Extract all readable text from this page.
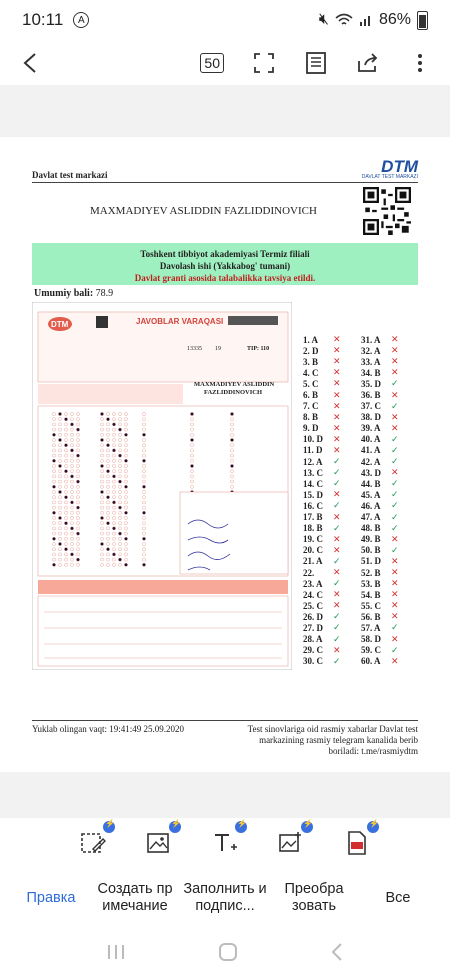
10:11	A	🔇︎	86%
50
Davlat test markazi	DTM
DAVLAT TEST MARKAZI
MAXMADIYEV ASLIDDIN FAZLIDDINOVICH
Toshkent tibbiyot akademiyasi Termiz filiali
Davolash ishi (Yakkabog' tumani)
Davlat granti asosida talabalikka tavsiya etildi.
Umumiy bali: 78.9
DTM	JAVOBLAR VARAQASI
13335 19	TIP: 110
MAXMADIYEV ASLIDDIN
FAZLIDDINOVICH
1. A	✕
2. D	✕
3. B	✕
4. C	✕
5. C	✕
6. B	✕
7. C	✕
8. B	✕
9. D	✕
10. D	✕
11. D	✕
12. A	✓
13. C	✓
14. C	✓
15. D	✕
16. C	✓
17. B	✕
18. B	✓
19. C	✕
20. C	✕
21. A	✓
22.	✕
23. A	✓
24. C	✕
25. C	✕
26. D	✓
27. D	✓
28. A	✓
29. C	✕
30. C	✓
31. A	✕
32. A	✕
33. A	✕
34. B	✕
35. D	✓
36. B	✕
37. C	✓
38. D	✕
39. A	✕
40. A	✓
41. A	✓
42. A	✓
43. D	✕
44. B	✓
45. A	✓
46. A	✓
47. A	✓
48. B	✓
49. B	✕
50. B	✓
51. D	✕
52. B	✕
53. B	✕
54. B	✕
55. C	✕
56. B	✕
57. A	✓
58. D	✕
59. C	✓
60. A	✕
Yuklab olingan vaqt: 19:41:49 25.09.2020	Test sinovlariga oid rasmiy xabarlar Davlat test markazining rasmiy telegram kanalida berib boriladi: t.me/rasmiydtm
⚡
⚡
⚡
⚡
⚡
Правка
Создать пр имечание
Заполнить и подпис...
Преобра зовать
Все
